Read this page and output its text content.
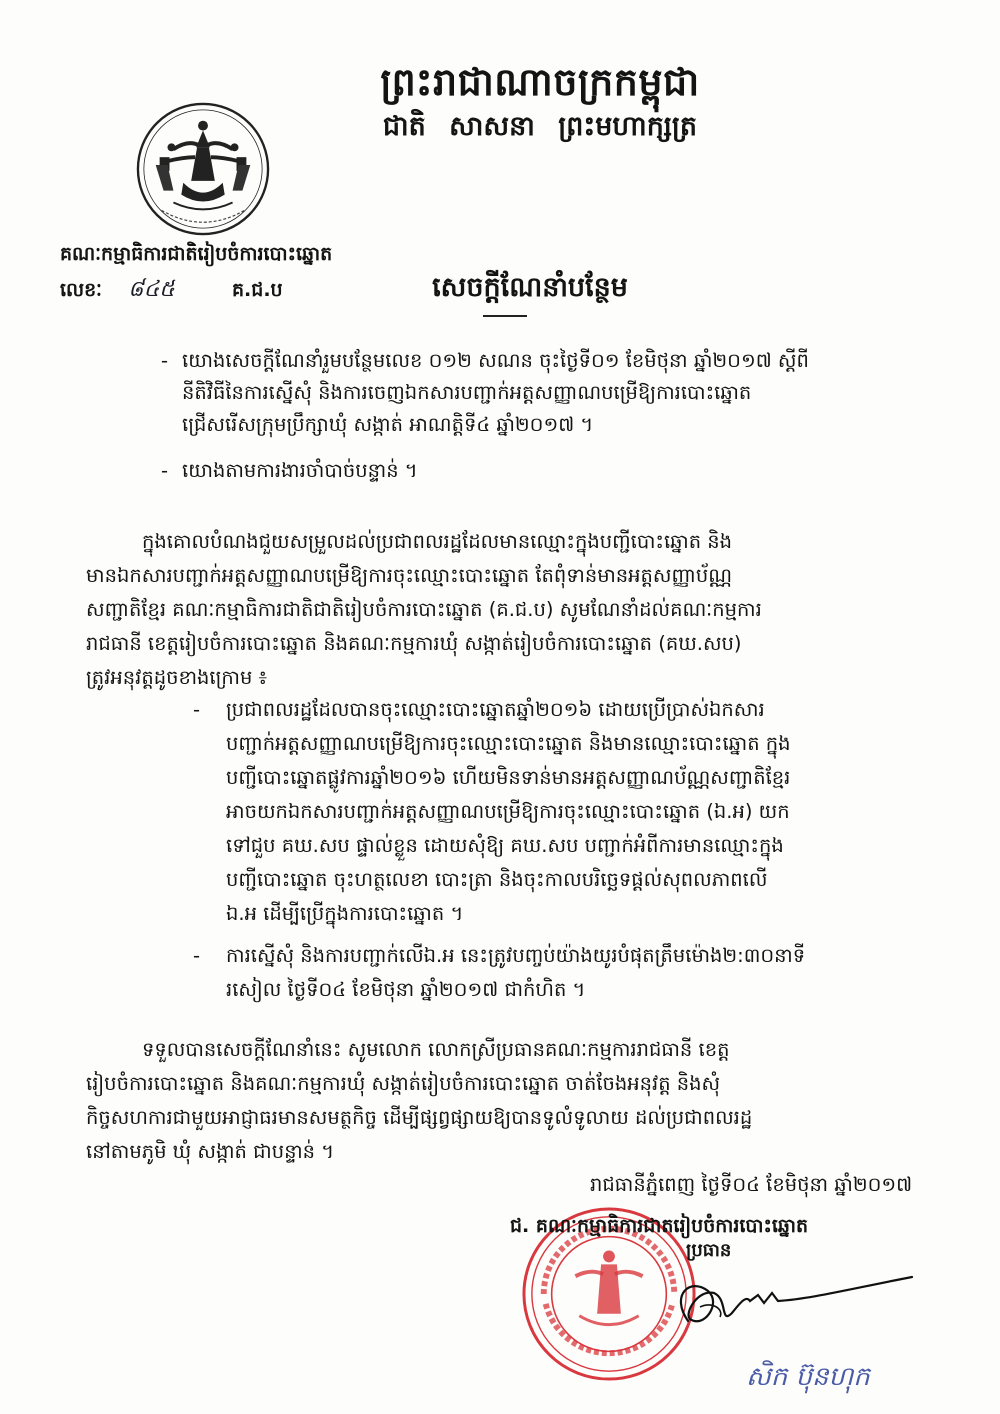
ព្រះរាជាណាចក្រកម្ពុជា
ជាតិ សាសនា ព្រះមហាក្សត្រ
គណៈកម្មាធិការជាតិរៀបចំការបោះឆ្នោត
លេខៈ ៨៤៥	គ.ជ.ប	សេចក្តីណែនាំបន្ថែម
- យោងសេចក្តីណែនាំរួមបន្ថែមលេខ ០១២ សណន ចុះថ្ងៃទី០១ ខែមិថុនា ឆ្នាំ២០១៧ ស្តីពី
នីតិវិធីនៃការស្នើសុំ និងការចេញឯកសារបញ្ជាក់អត្តសញ្ញាណបម្រើឱ្យការបោះឆ្នោត
ជ្រើសរើសក្រុមប្រឹក្សាឃុំ សង្កាត់ អាណត្តិទី៤ ឆ្នាំ២០១៧ ។
- យោងតាមការងារចាំបាច់បន្ទាន់ ។
ក្នុងគោលបំណងជួយសម្រួលដល់ប្រជាពលរដ្ឋដែលមានឈ្មោះក្នុងបញ្ជីបោះឆ្នោត និង
មានឯកសារបញ្ជាក់អត្តសញ្ញាណបម្រើឱ្យការចុះឈ្មោះបោះឆ្នោត តែពុំទាន់មានអត្តសញ្ញាប័ណ្ណ
សញ្ជាតិខ្មែរ គណៈកម្មាធិការជាតិជាតិរៀបចំការបោះឆ្នោត (គ.ជ.ប) សូមណែនាំដល់គណៈកម្មការ
រាជធានី ខេត្តរៀបចំការបោះឆ្នោត និងគណៈកម្មការឃុំ សង្កាត់រៀបចំការបោះឆ្នោត (គឃ.សប)
ត្រូវអនុវត្តដូចខាងក្រោម ៖
- ប្រជាពលរដ្ឋដែលបានចុះឈ្មោះបោះឆ្នោតឆ្នាំ២០១៦ ដោយប្រើប្រាស់ឯកសារ
បញ្ជាក់អត្តសញ្ញាណបម្រើឱ្យការចុះឈ្មោះបោះឆ្នោត និងមានឈ្មោះបោះឆ្នោត ក្នុង
បញ្ជីបោះឆ្នោតផ្លូវការឆ្នាំ២០១៦ ហើយមិនទាន់មានអត្តសញ្ញាណប័ណ្ណសញ្ជាតិខ្មែរ
អាចយកឯកសារបញ្ជាក់អត្តសញ្ញាណបម្រើឱ្យការចុះឈ្មោះបោះឆ្នោត (ឯ.អ) យក
ទៅជួប គឃ.សប ផ្ទាល់ខ្លួន ដោយសុំឱ្យ គឃ.សប បញ្ជាក់អំពីការមានឈ្មោះក្នុង
បញ្ជីបោះឆ្នោត ចុះហត្ថលេខា បោះត្រា និងចុះកាលបរិច្ឆេទផ្តល់សុពលភាពលើ
ឯ.អ ដើម្បីប្រើក្នុងការបោះឆ្នោត ។
- ការស្នើសុំ និងការបញ្ជាក់លើឯ.អ នេះត្រូវបញ្ចប់យ៉ាងយូរបំផុតត្រឹមម៉ោង២:៣០នាទី
រសៀល ថ្ងៃទី០៤ ខែមិថុនា ឆ្នាំ២០១៧ ជាកំហិត ។
ទទួលបានសេចក្តីណែនាំនេះ សូមលោក លោកស្រីប្រធានគណៈកម្មការរាជធានី ខេត្ត
រៀបចំការបោះឆ្នោត និងគណៈកម្មការឃុំ សង្កាត់រៀបចំការបោះឆ្នោត ចាត់ចែងអនុវត្ត និងសុំ
កិច្ចសហការជាមួយអាជ្ញាធរមានសមត្ថកិច្ច ដើម្បីផ្សព្វផ្សាយឱ្យបានទូលំទូលាយ ដល់ប្រជាពលរដ្ឋ
នៅតាមភូមិ ឃុំ សង្កាត់ ជាបន្ទាន់ ។
រាជធានីភ្នំពេញ ថ្ងៃទី០៤ ខែមិថុនា ឆ្នាំ២០១៧
ជ. គណៈកម្មាធិការជាតរៀបចំការបោះឆ្នោត
ប្រធាន
សិក ប៊ុនហុក
